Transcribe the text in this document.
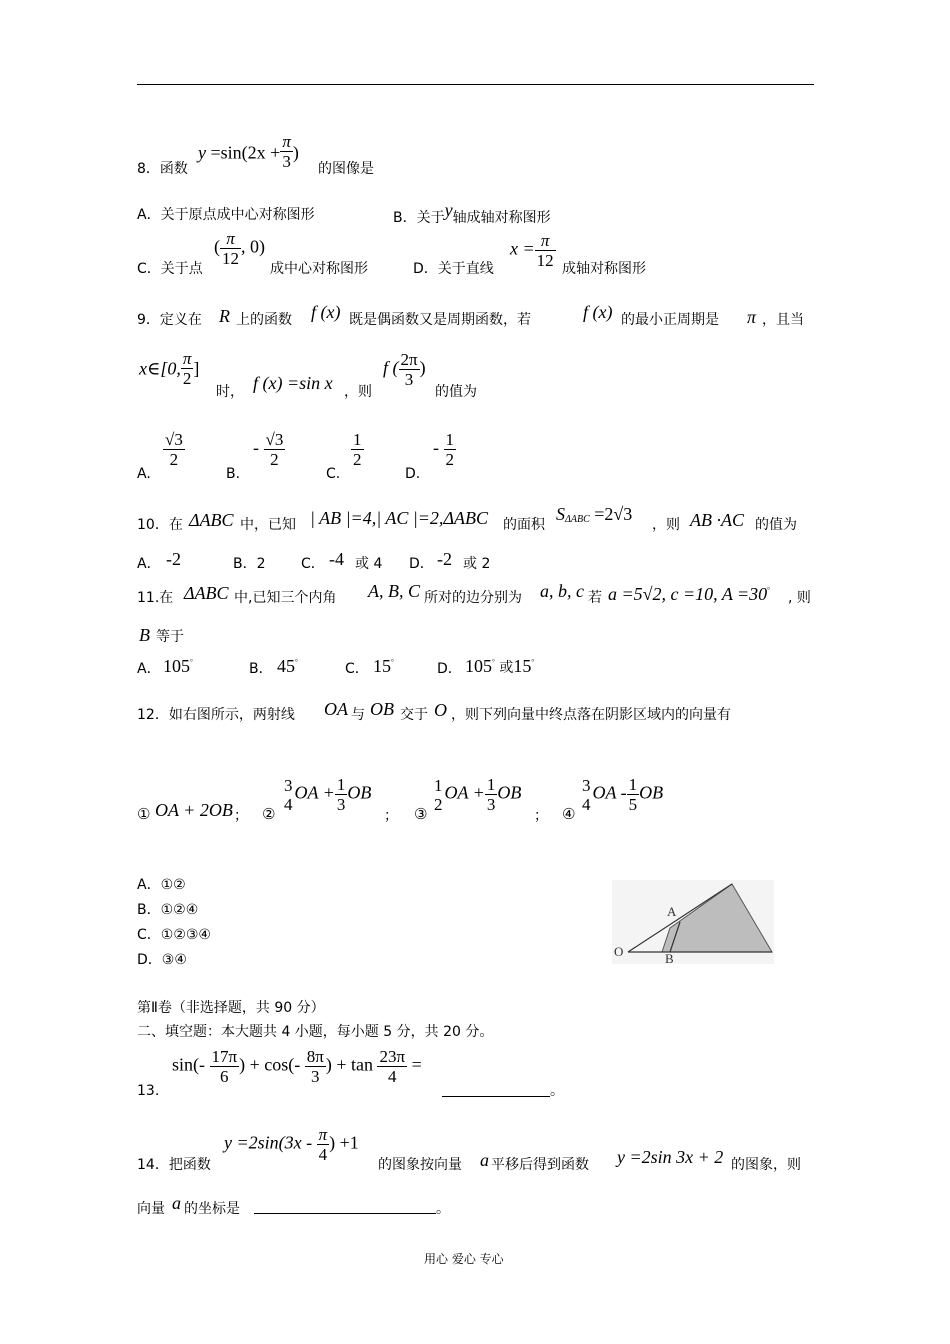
$y =\sin(2x + \frac{\pi}{3}$ )
8．函数	的图像是
A．关于原点成中心对称图形	B．关于y轴成轴对称图形
C．关于点
( $\frac{\pi}{12}$ , 0)
成中心对称图形	D．关于直线
$x = \frac{\pi}{12}$ 成轴对称图形
9．定义在 R 上的函数 f (x) 既是偶函数又是周期函数，若	f (x) 的最小正周期是 π ，且当
x∈[0, $\frac{\pi}{2}$ ]
时， f (x) =sin x ，则
f ( $\frac{2\pi}{3}$ )
的值为
A.
$\frac{√3}{2}$
B.
- $\frac{√3}{2}$
C.
$\frac{1}{2}$
D.
- $\frac{1}{2}$
10．在 ΔABC 中，已知 | AB |=4,| AC |=2,ΔABC 的面积
$S_{\Delta ABC} =2√3$
，则 AB ·AC 的值为
A． -2	B．2	C． -4 或 4 D． -2 或 2
11.在 ΔABC 中,已知三个内角 A, B, C 所对的边分别为 a, b, c 若 a =5√2, c =10, A =30° , 则
B 等于
A． 105°	B． 45°	C． 15°	D． 105° 或15°
12．如右图所示，两射线 OA 与 OB 交于 O ，则下列向量中终点落在阴影区域内的向量有
① OA + 2OB ； ②
3
4
OA + $\frac{1}{3}$ OB
； ③
1
2
OA + $\frac{1}{3}$ OB
； ④
3
4
OA - $\frac{1}{5}$ OB
A．①②
B．①②④
C．①②③④
D．③④
O
A
B
第Ⅱ卷（非选择题，共 90 分）
二、填空题：本大题共 4 小题，每小题 5 分，共 20 分。
13.
$\sin(- \frac{17\pi}{6}$ ) + $\cos(- \frac{8\pi}{3}$ ) + $\tan \frac{23\pi}{4}$ =
。
14．把函数
$y =2\sin(3x - \frac{\pi}{4}$ ) +1
的图象按向量 a 平移后得到函数 y =2sin 3x + 2 的图象，则
向量 a 的坐标是	。
用心 爱心 专心
